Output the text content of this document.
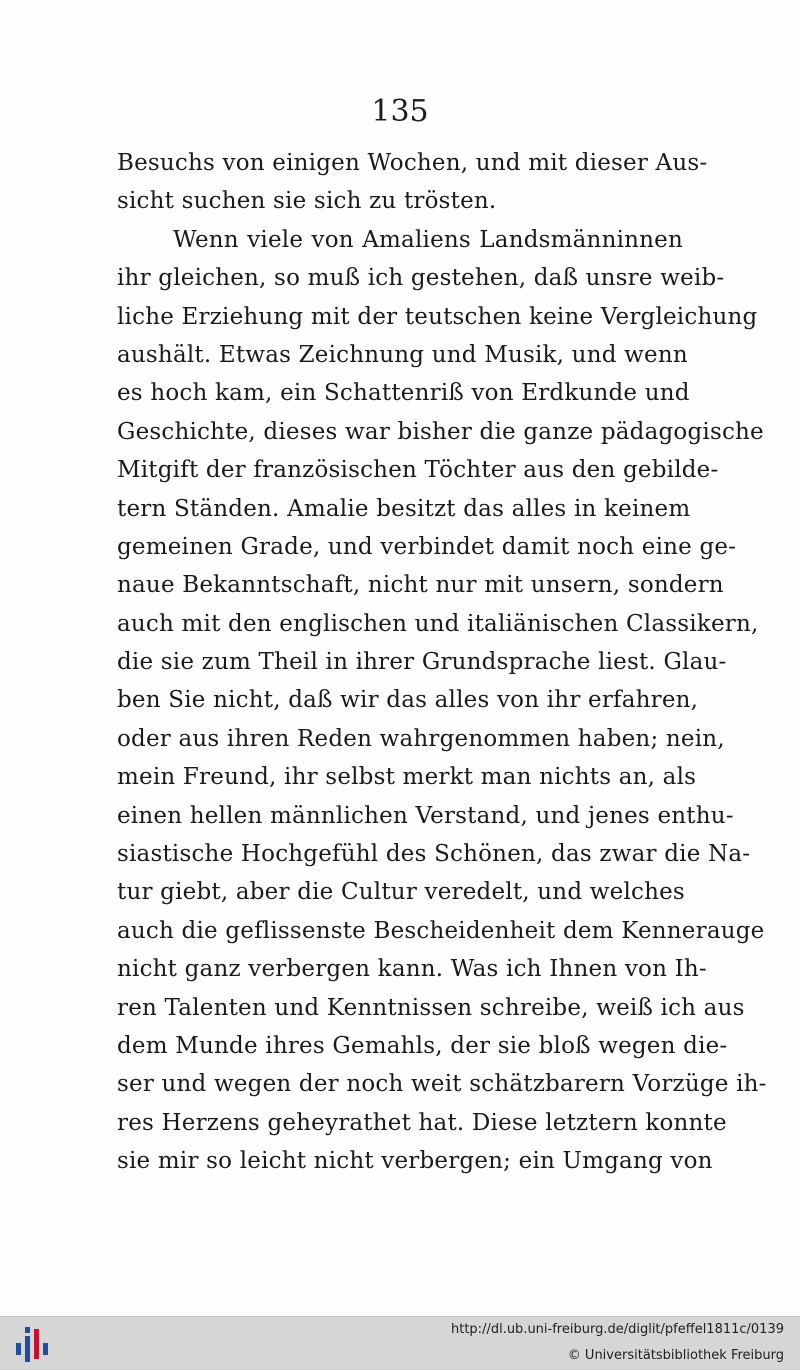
135
Besuchs von einigen Wochen, und mit dieser Aus-
sicht suchen sie sich zu trösten.
Wenn viele von Amaliens Landsmänninnen
ihr gleichen, so muß ich gestehen, daß unsre weib-
liche Erziehung mit der teutschen keine Vergleichung
aushält. Etwas Zeichnung und Musik, und wenn
es hoch kam, ein Schattenriß von Erdkunde und
Geschichte, dieses war bisher die ganze pädagogische
Mitgift der französischen Töchter aus den gebilde-
tern Ständen. Amalie besitzt das alles in keinem
gemeinen Grade, und verbindet damit noch eine ge-
naue Bekanntschaft, nicht nur mit unsern, sondern
auch mit den englischen und italiänischen Classikern,
die sie zum Theil in ihrer Grundsprache liest. Glau-
ben Sie nicht, daß wir das alles von ihr erfahren,
oder aus ihren Reden wahrgenommen haben; nein,
mein Freund, ihr selbst merkt man nichts an, als
einen hellen männlichen Verstand, und jenes enthu-
siastische Hochgefühl des Schönen, das zwar die Na-
tur giebt, aber die Cultur veredelt, und welches
auch die geflissenste Bescheidenheit dem Kennerauge
nicht ganz verbergen kann. Was ich Ihnen von Ih-
ren Talenten und Kenntnissen schreibe, weiß ich aus
dem Munde ihres Gemahls, der sie bloß wegen die-
ser und wegen der noch weit schätzbarern Vorzüge ih-
res Herzens geheyrathet hat. Diese letztern konnte
sie mir so leicht nicht verbergen; ein Umgang von
http://dl.ub.uni-freiburg.de/diglit/pfeffel1811c/0139
© Universitätsbibliothek Freiburg
